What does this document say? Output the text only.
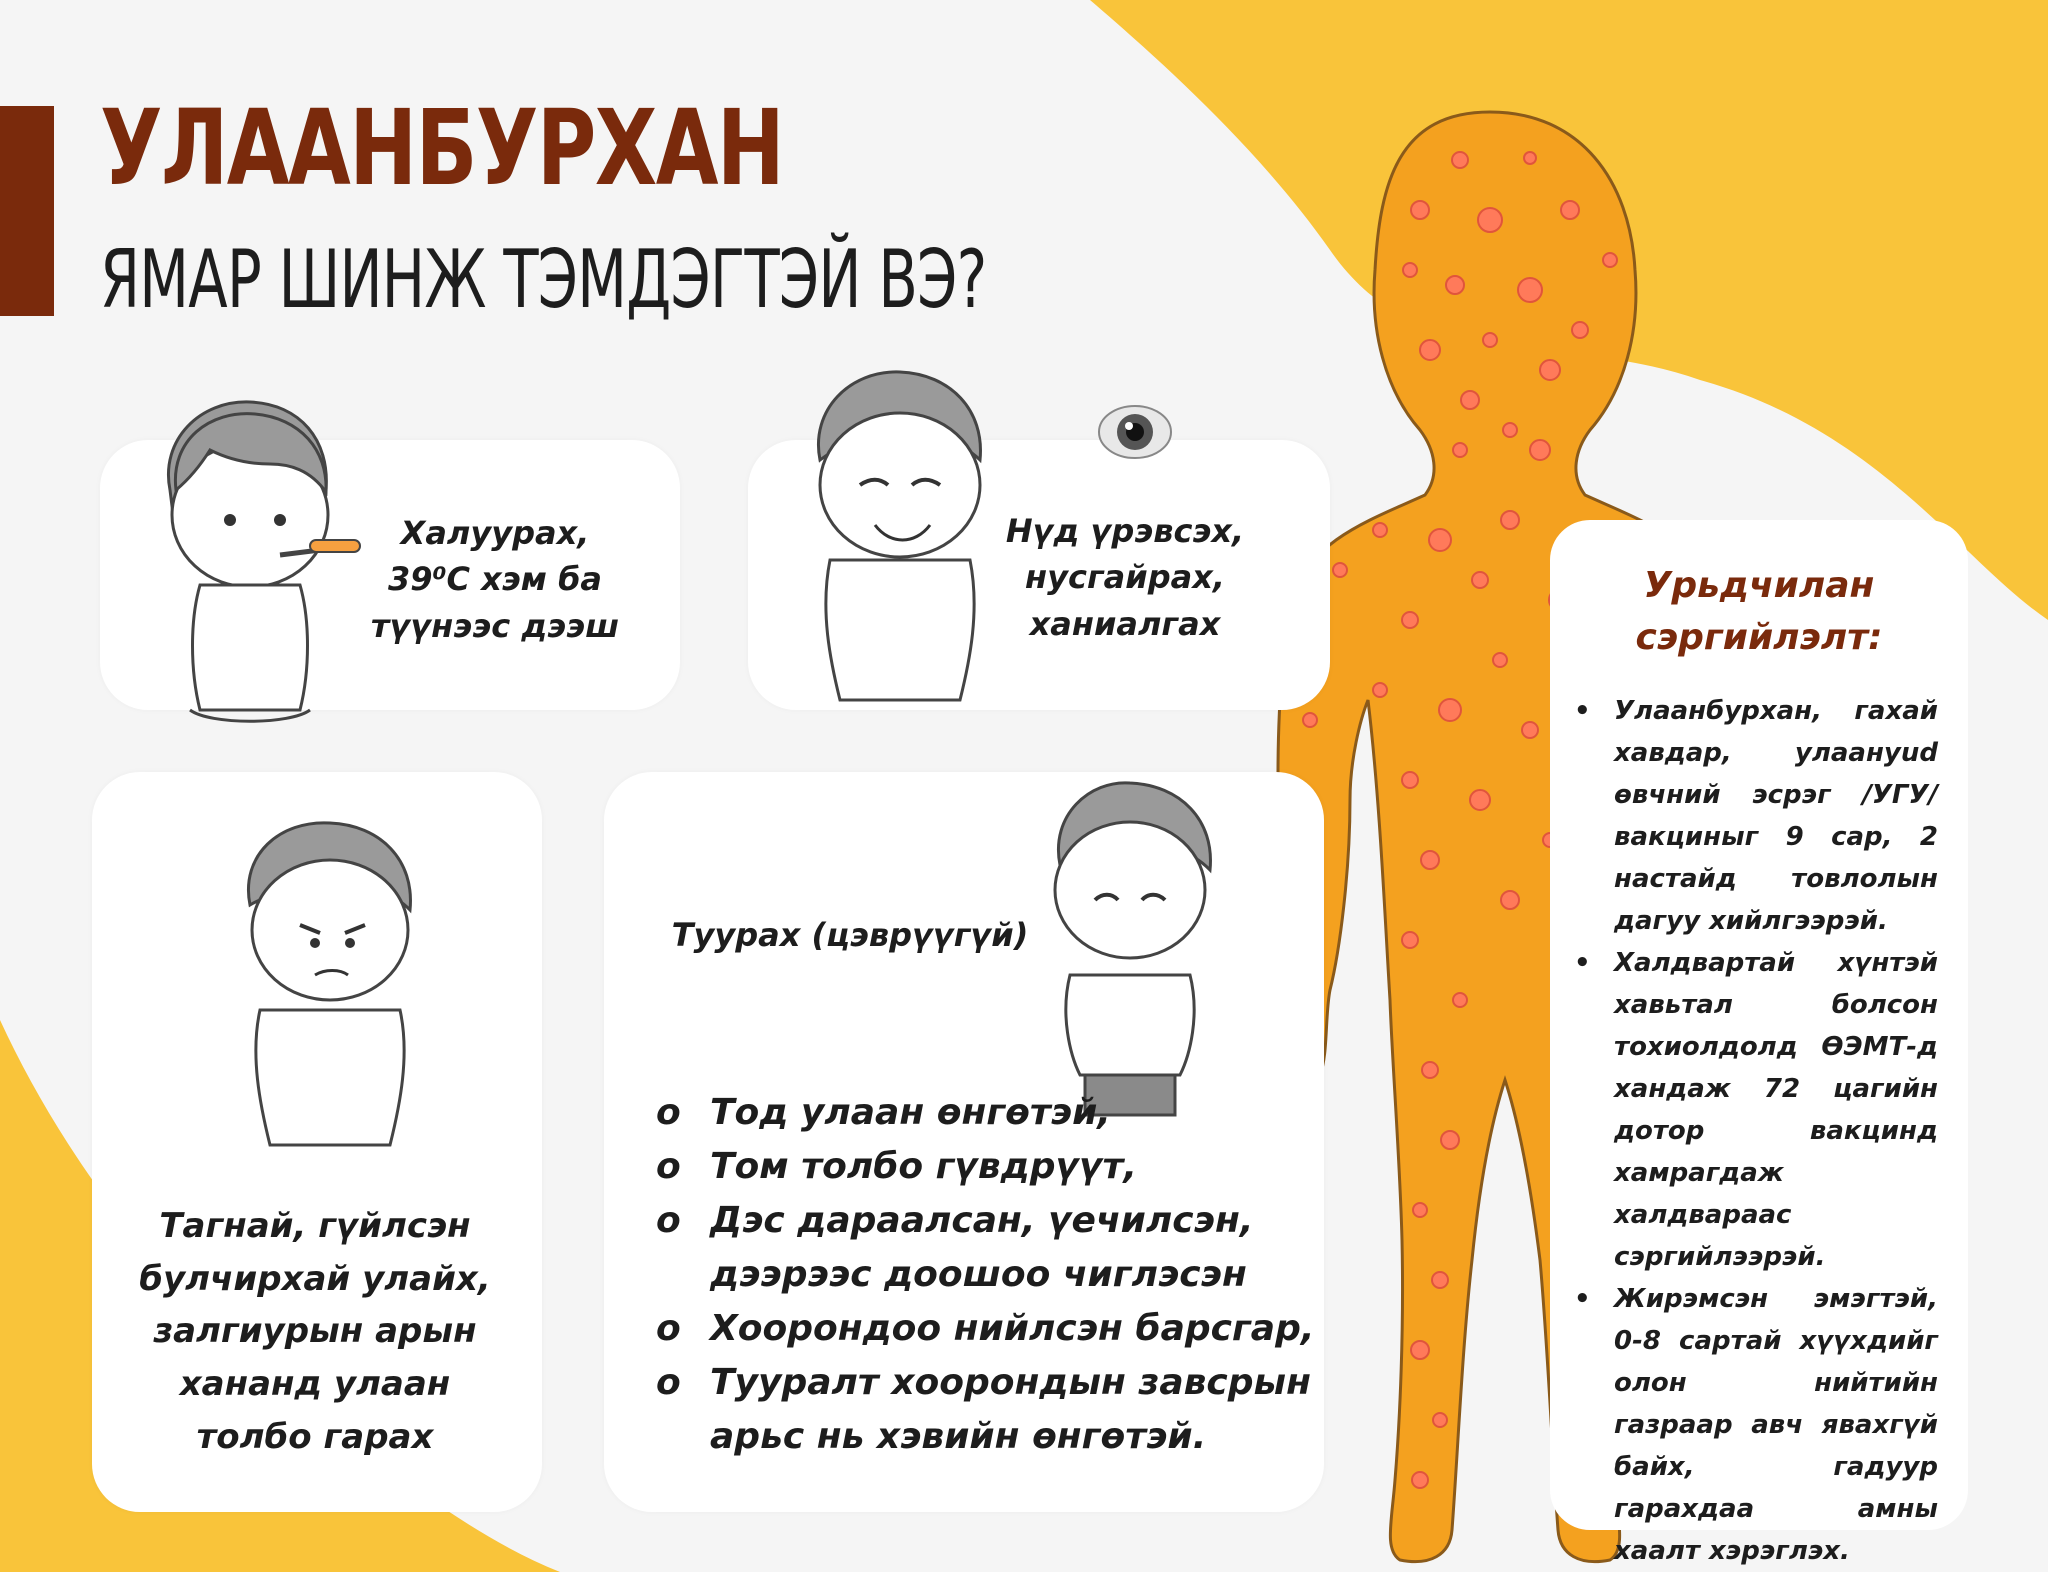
УЛААНБУРХАН
ЯМАР ШИНЖ ТЭМДЭГТЭЙ ВЭ?

Халуурах,
39⁰С хэм ба
түүнээс дээш

Нүд үрэвсэх,
нусгайрах,
ханиалгах

Тагнай, гүйлсэн
булчирхай улайх,
залгиурын арын
хананд улаан
толбо гарах

Туурах (цэврүүгүй)

o Тод улаан өнгөтэй,
o Том толбо гүвдрүүт,
o Дэс дараалсан, үечилсэн,
дээрээс доошоо чиглэсэн
o Хоорондоо нийлсэн барсгар,
o Тууралт хоорондын завсрын
арьс нь хэвийн өнгөтэй.
Урьдчилан
сэргийлэлт:
• Улаанбурхан, гахай хавдар, улаануud өвчний эсрэг /УГУ/ вакциныг 9 сар, 2 настайд товлолын дагуу хийлгээрэй.
• Халдвартай хүнтэй хавьтал болсон тохиолдолд ӨЭМТ-д хандаж 72 цагийн дотор вакцинд хамрагдаж халдвараас сэргийлээрэй.
• Жирэмсэн эмэгтэй, 0-8 сартай хүүхдийг олон нийтийн газраар авч явахгүй байх, гадуур гарахдаа амны хаалт хэрэглэх.
